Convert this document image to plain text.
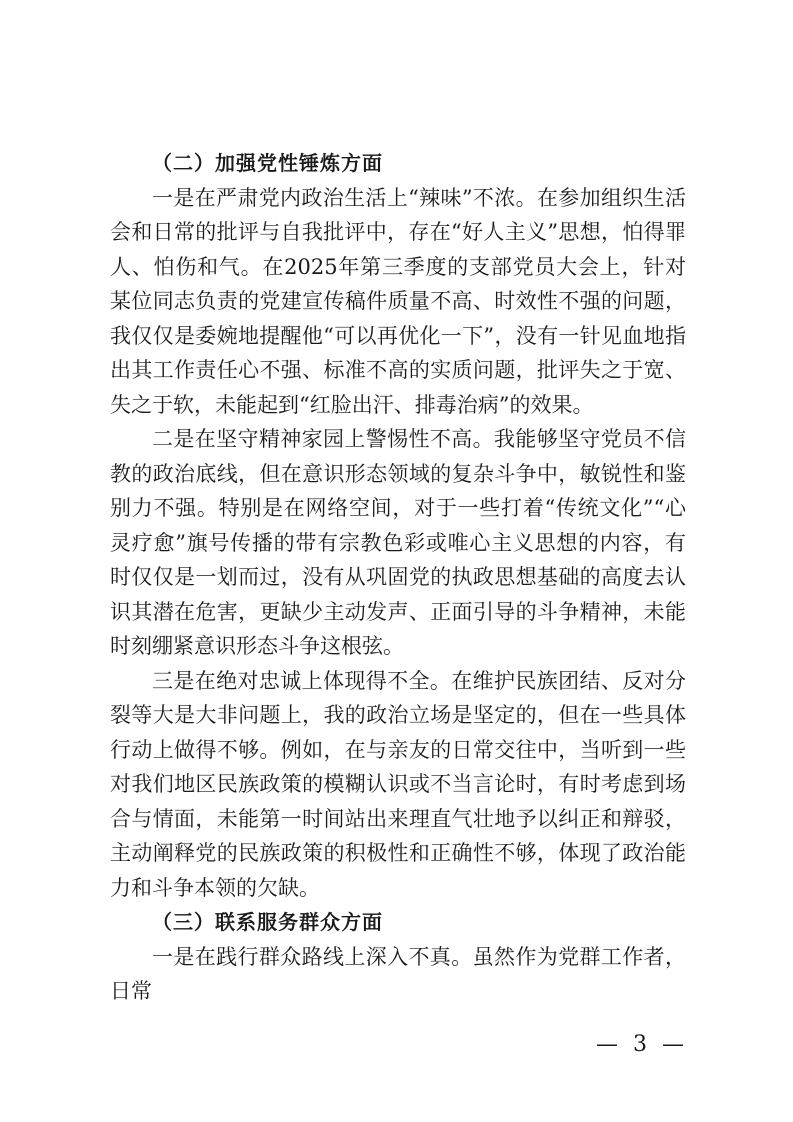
（二）加强党性锤炼方面

一是在严肃党内政治生活上“辣味”不浓。在参加组织生活会和日常的批评与自我批评中，存在“好人主义”思想，怕得罪人、怕伤和气。在2025年第三季度的支部党员大会上，针对某位同志负责的党建宣传稿件质量不高、时效性不强的问题，我仅仅是委婉地提醒他“可以再优化一下”，没有一针见血地指出其工作责任心不强、标准不高的实质问题，批评失之于宽、失之于软，未能起到“红脸出汗、排毒治病”的效果。

二是在坚守精神家园上警惕性不高。我能够坚守党员不信教的政治底线，但在意识形态领域的复杂斗争中，敏锐性和鉴别力不强。特别是在网络空间，对于一些打着“传统文化”“心灵疗愈”旗号传播的带有宗教色彩或唯心主义思想的内容，有时仅仅是一划而过，没有从巩固党的执政思想基础的高度去认识其潜在危害，更缺少主动发声、正面引导的斗争精神，未能时刻绷紧意识形态斗争这根弦。

三是在绝对忠诚上体现得不全。在维护民族团结、反对分裂等大是大非问题上，我的政治立场是坚定的，但在一些具体行动上做得不够。例如，在与亲友的日常交往中，当听到一些对我们地区民族政策的模糊认识或不当言论时，有时考虑到场合与情面，未能第一时间站出来理直气壮地予以纠正和辩驳，主动阐释党的民族政策的积极性和正确性不够，体现了政治能力和斗争本领的欠缺。

（三）联系服务群众方面

一是在践行群众路线上深入不真。虽然作为党群工作者，日常

— 3 —
